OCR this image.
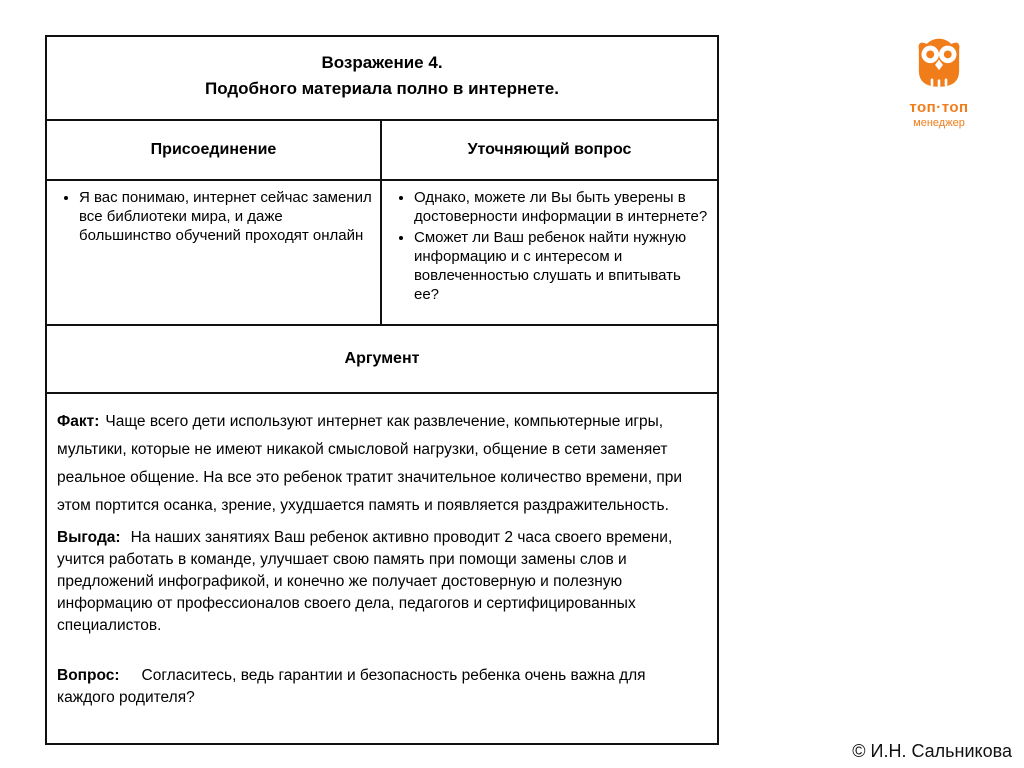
Возражение 4.
Подобного материала полно в интернете.
Присоединение	Уточняющий вопрос
• Я вас понимаю, интернет сейчас заменил все библиотеки мира, и даже большинство обучений проходят онлайн
• Однако, можете ли Вы быть уверены в достоверности информации в интернете?
• Сможет ли Ваш ребенок найти нужную информацию и с интересом и вовлеченностью слушать и впитывать ее?
Аргумент

Факт: Чаще всего дети используют интернет как развлечение, компьютерные игры, мультики, которые не имеют никакой смысловой нагрузки, общение в сети заменяет реальное общение. На все это ребенок тратит значительное количество времени, при этом портится осанка, зрение, ухудшается память и появляется раздражительность.

Выгода: На наших занятиях Ваш ребенок активно проводит 2 часа своего времени, учится работать в команде, улучшает свою память при помощи замены слов и предложений инфографикой, и конечно же получает достоверную и полезную информацию от профессионалов своего дела, педагогов и сертифицированных специалистов.

Вопрос: Согласитесь, ведь гарантии и безопасность ребенка очень важна для каждого родителя?

топ·топ
менеджер
© И.Н. Сальникова
